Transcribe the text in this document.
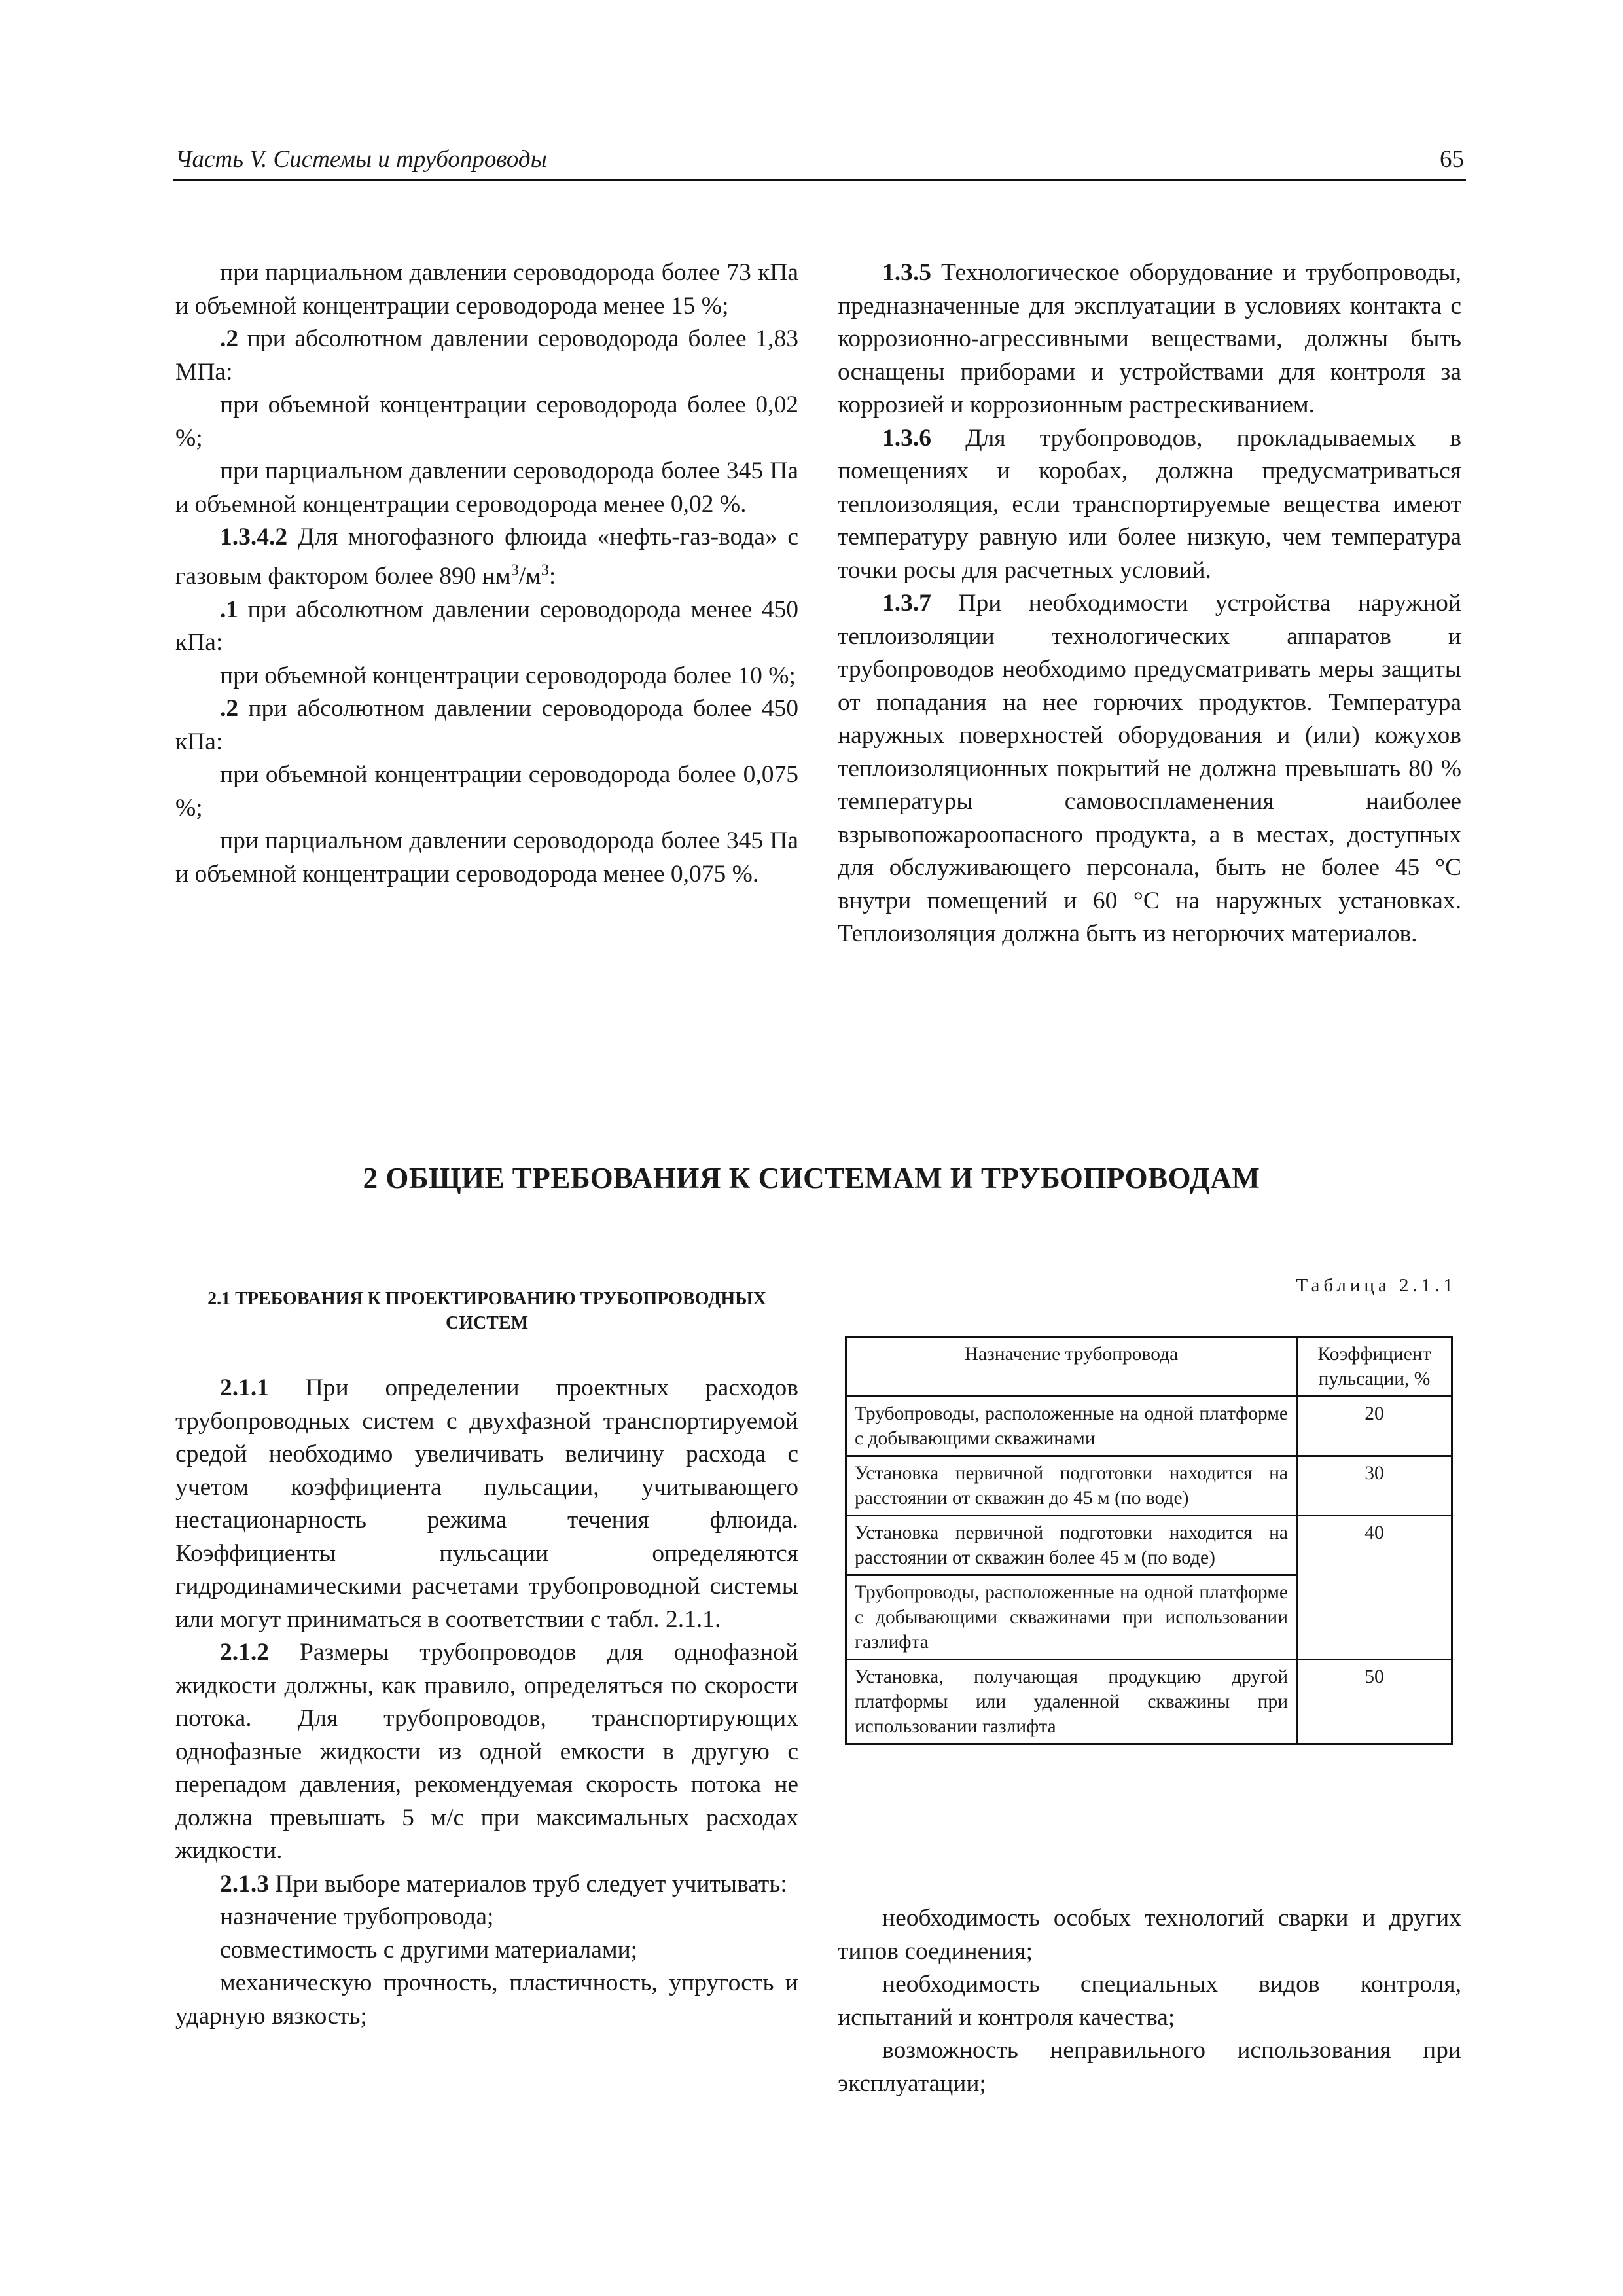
Часть V. Системы и трубопроводы	65

при парциальном давлении сероводорода более 73 кПа и объемной концентрации сероводорода менее 15 %;

.2 при абсолютном давлении сероводорода более 1,83 МПа:

при объемной концентрации сероводорода более 0,02 %;

при парциальном давлении сероводорода более 345 Па и объемной концентрации сероводорода менее 0,02 %.

1.3.4.2 Для многофазного флюида «нефть-газ-вода» с газовым фактором более 890 $нм^3/м^3$:

.1 при абсолютном давлении сероводорода менее 450 кПа:

при объемной концентрации сероводорода более 10 %;

.2 при абсолютном давлении сероводорода более 450 кПа:

при объемной концентрации сероводорода более 0,075 %;

при парциальном давлении сероводорода более 345 Па и объемной концентрации сероводорода менее 0,075 %.

1.3.5 Технологическое оборудование и трубопроводы, предназначенные для эксплуатации в условиях контакта с коррозионно-агрессивными веществами, должны быть оснащены приборами и устройствами для контроля за коррозией и коррозионным растрескиванием.

1.3.6 Для трубопроводов, прокладываемых в помещениях и коробах, должна предусматриваться теплоизоляция, если транспортируемые вещества имеют температуру равную или более низкую, чем температура точки росы для расчетных условий.

1.3.7 При необходимости устройства наружной теплоизоляции технологических аппаратов и трубопроводов необходимо предусматривать меры защиты от попадания на нее горючих продуктов. Температура наружных поверхностей оборудования и (или) кожухов теплоизоляционных покрытий не должна превышать 80 % температуры самовоспламенения наиболее взрывопожароопасного продукта, а в местах, доступных для обслуживающего персонала, быть не более 45 °С внутри помещений и 60 °С на наружных установках. Теплоизоляция должна быть из негорючих материалов.

2 ОБЩИЕ ТРЕБОВАНИЯ К СИСТЕМАМ И ТРУБОПРОВОДАМ
2.1 ТРЕБОВАНИЯ К ПРОЕКТИРОВАНИЮ ТРУБОПРОВОДНЫХ СИСТЕМ
Таблица 2.1.1
Назначение трубопровода	Коэффициент пульсации, %
Трубопроводы, расположенные на одной платформе с добывающими скважинами	20
Установка первичной подготовки находится на расстоянии от скважин до 45 м (по воде)	30
Установка первичной подготовки находится на расстоянии от скважин более 45 м (по воде)	40
Трубопроводы, расположенные на одной платформе с добывающими скважинами при использовании газлифта	
Установка, получающая продукцию другой платформы или удаленной скважины при использовании газлифта	50

2.1.1 При определении проектных расходов трубопроводных систем с двухфазной транспортируемой средой необходимо увеличивать величину расхода с учетом коэффициента пульсации, учитывающего нестационарность режима течения флюида. Коэффициенты пульсации определяются гидродинамическими расчетами трубопроводной системы или могут приниматься в соответствии с табл. 2.1.1.

2.1.2 Размеры трубопроводов для однофазной жидкости должны, как правило, определяться по скорости потока. Для трубопроводов, транспортирующих однофазные жидкости из одной емкости в другую с перепадом давления, рекомендуемая скорость потока не должна превышать 5 м/с при максимальных расходах жидкости.

2.1.3 При выборе материалов труб следует учитывать:

назначение трубопровода;

совместимость с другими материалами;

механическую прочность, пластичность, упругость и ударную вязкость;

необходимость особых технологий сварки и других типов соединения;

необходимость специальных видов контроля, испытаний и контроля качества;

возможность неправильного использования при эксплуатации;
